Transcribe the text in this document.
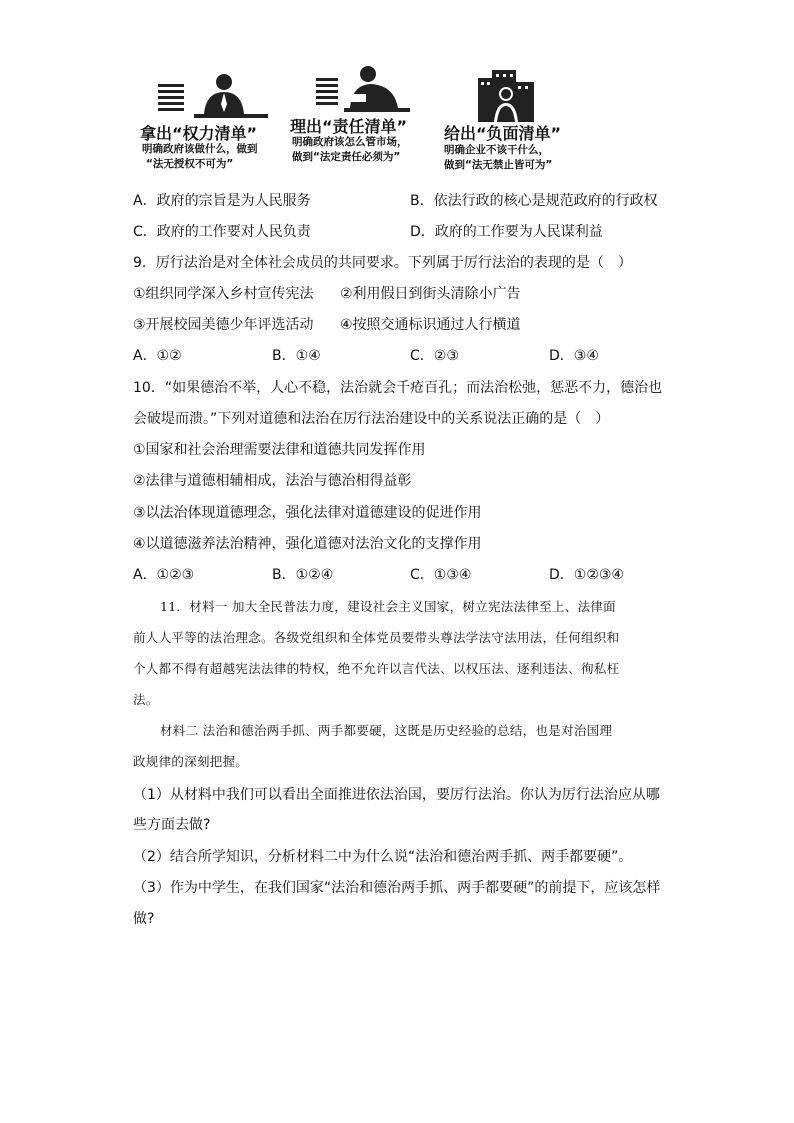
拿出“权力清单”
明确政府该做什么，做到
“法无授权不可为”
理出“责任清单”
明确政府该怎么管市场，
做到“法定责任必须为”
给出“负面清单”
明确企业不该干什么，
做到“法无禁止皆可为”
A．政府的宗旨是为人民服务	B．依法行政的核心是规范政府的行政权
C．政府的工作要对人民负责	D．政府的工作要为人民谋利益
9．厉行法治是对全体社会成员的共同要求。下列属于厉行法治的表现的是（　）
①组织同学深入乡村宣传宪法 ②利用假日到街头清除小广告
③开展校园美德少年评选活动 ④按照交通标识通过人行横道
A．①②	B．①④	C．②③	D．③④
10．“如果德治不举，人心不稳，法治就会千疮百孔；而法治松弛，惩恶不力，德治也
会破堤而溃。”下列对道德和法治在厉行法治建设中的关系说法正确的是（　）
①国家和社会治理需要法律和道德共同发挥作用
②法律与道德相辅相成，法治与德治相得益彰
③以法治体现道德理念，强化法律对道德建设的促进作用
④以道德滋养法治精神，强化道德对法治文化的支撑作用
A．①②③	B．①②④	C．①③④	D．①②③④
11．材料一 加大全民普法力度，建设社会主义国家，树立宪法法律至上、法律面
前人人平等的法治理念。各级党组织和全体党员要带头尊法学法守法用法，任何组织和
个人都不得有超越宪法法律的特权，绝不允许以言代法、以权压法、逐利违法、徇私枉
法。
材料二 法治和德治两手抓、两手都要硬，这既是历史经验的总结，也是对治国理
政规律的深刻把握。
（1）从材料中我们可以看出全面推进依法治国，要厉行法治。你认为厉行法治应从哪
些方面去做?
（2）结合所学知识，分析材料二中为什么说“法治和德治两手抓、两手都要硬”。
（3）作为中学生，在我们国家“法治和德治两手抓、两手都要硬”的前提下，应该怎样
做?
